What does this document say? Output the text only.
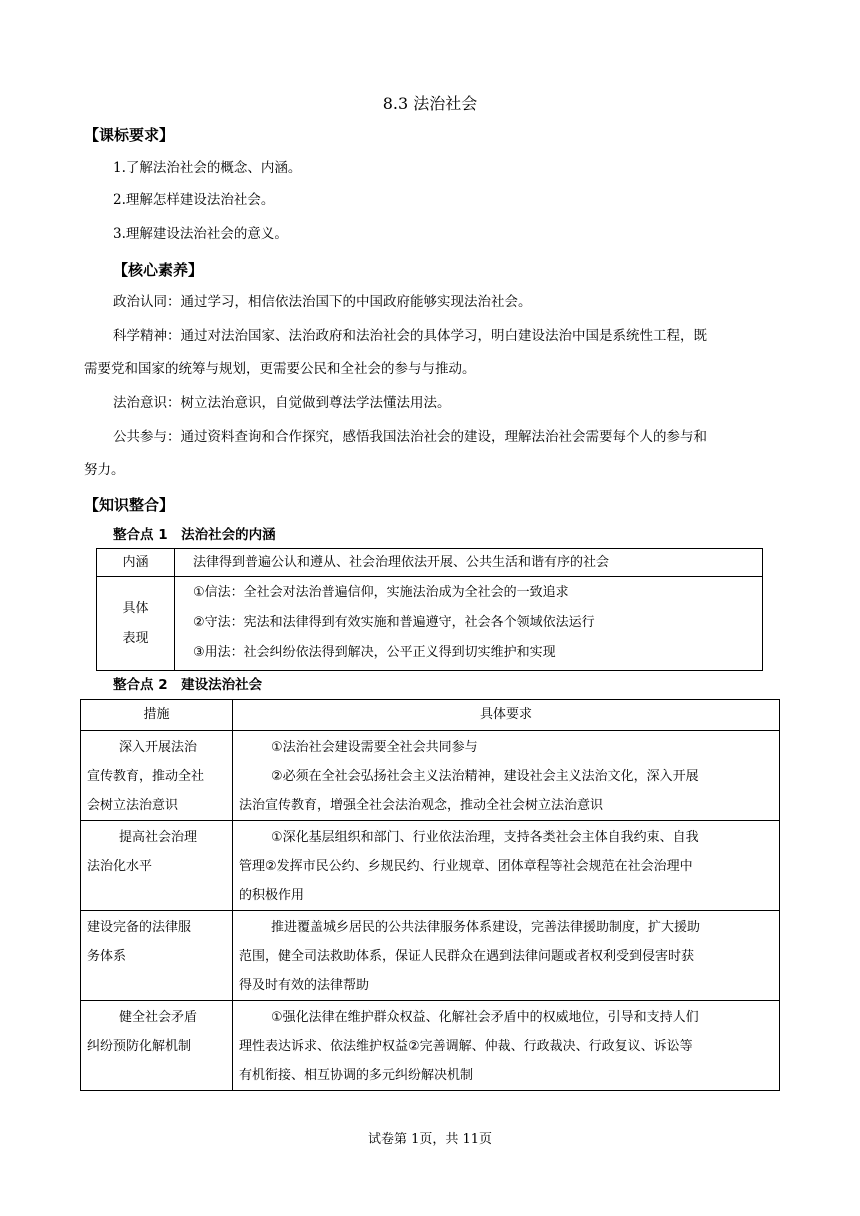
8.3 法治社会
【课标要求】
1.了解法治社会的概念、内涵。
2.理解怎样建设法治社会。
3.理解建设法治社会的意义。
【核心素养】
政治认同：通过学习，相信依法治国下的中国政府能够实现法治社会。
科学精神：通过对法治国家、法治政府和法治社会的具体学习，明白建设法治中国是系统性工程，既
需要党和国家的统筹与规划，更需要公民和全社会的参与与推动。
法治意识：树立法治意识，自觉做到尊法学法懂法用法。
公共参与：通过资料查询和合作探究，感悟我国法治社会的建设，理解法治社会需要每个人的参与和
努力。
【知识整合】
整合点 1　法治社会的内涵
内涵	法律得到普遍公认和遵从、社会治理依法开展、公共生活和谐有序的社会

具体
表现	①信法：全社会对法治普遍信仰，实施法治成为全社会的一致追求
②守法：宪法和法律得到有效实施和普遍遵守，社会各个领域依法运行
③用法：社会纠纷依法得到解决，公平正义得到切实维护和实现
整合点 2　建设法治社会
措施	具体要求

深入开展法治
宣传教育，推动全社
会树立法治意识	①法治社会建设需要全社会共同参与
②必须在全社会弘扬社会主义法治精神，建设社会主义法治文化，深入开展
法治宣传教育，增强全社会法治观念，推动全社会树立法治意识

提高社会治理
法治化水平	①深化基层组织和部门、行业依法治理，支持各类社会主体自我约束、自我
管理②发挥市民公约、乡规民约、行业规章、团体章程等社会规范在社会治理中
的积极作用

建设完备的法律服
务体系	推进覆盖城乡居民的公共法律服务体系建设，完善法律援助制度，扩大援助
范围，健全司法救助体系，保证人民群众在遇到法律问题或者权利受到侵害时获
得及时有效的法律帮助

健全社会矛盾
纠纷预防化解机制	①强化法律在维护群众权益、化解社会矛盾中的权威地位，引导和支持人们
理性表达诉求、依法维护权益②完善调解、仲裁、行政裁决、行政复议、诉讼等
有机衔接、相互协调的多元纠纷解决机制
试卷第 1页，共 11页
